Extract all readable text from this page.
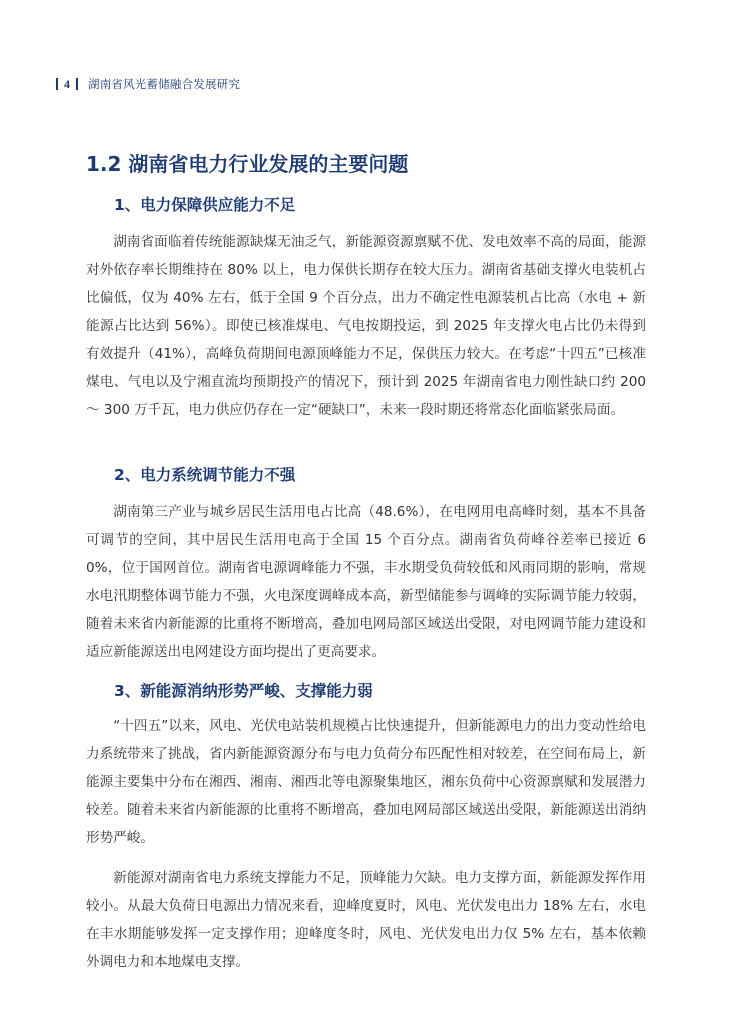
4 湖南省风光蓄储融合发展研究
1.2 湖南省电力行业发展的主要问题
1、电力保障供应能力不足

湖南省面临着传统能源缺煤无油乏气，新能源资源禀赋不优、发电效率不高的局面，能源对外依存率长期维持在 80% 以上，电力保供长期存在较大压力。湖南省基础支撑火电装机占比偏低，仅为 40% 左右，低于全国 9 个百分点，出力不确定性电源装机占比高（水电 + 新能源占比达到 56%）。即使已核准煤电、气电按期投运，到 2025 年支撑火电占比仍未得到有效提升（41%），高峰负荷期间电源顶峰能力不足，保供压力较大。在考虑“十四五”已核准煤电、气电以及宁湘直流均预期投产的情况下，预计到 2025 年湖南省电力刚性缺口约 200 ～ 300 万千瓦，电力供应仍存在一定“硬缺口”，未来一段时期还将常态化面临紧张局面。

2、电力系统调节能力不强

湖南第三产业与城乡居民生活用电占比高（48.6%），在电网用电高峰时刻，基本不具备可调节的空间，其中居民生活用电高于全国 15 个百分点。湖南省负荷峰谷差率已接近 60%，位于国网首位。湖南省电源调峰能力不强，丰水期受负荷较低和风雨同期的影响，常规水电汛期整体调节能力不强，火电深度调峰成本高，新型储能参与调峰的实际调节能力较弱，随着未来省内新能源的比重将不断增高，叠加电网局部区域送出受限，对电网调节能力建设和适应新能源送出电网建设方面均提出了更高要求。

3、新能源消纳形势严峻、支撑能力弱

“十四五”以来，风电、光伏电站装机规模占比快速提升，但新能源电力的出力变动性给电力系统带来了挑战，省内新能源资源分布与电力负荷分布匹配性相对较差，在空间布局上，新能源主要集中分布在湘西、湘南、湘西北等电源聚集地区，湘东负荷中心资源禀赋和发展潜力较差。随着未来省内新能源的比重将不断增高，叠加电网局部区域送出受限，新能源送出消纳形势严峻。

新能源对湖南省电力系统支撑能力不足，顶峰能力欠缺。电力支撑方面，新能源发挥作用较小。从最大负荷日电源出力情况来看，迎峰度夏时，风电、光伏发电出力 18% 左右，水电在丰水期能够发挥一定支撑作用；迎峰度冬时，风电、光伏发电出力仅 5% 左右，基本依赖外调电力和本地煤电支撑。
